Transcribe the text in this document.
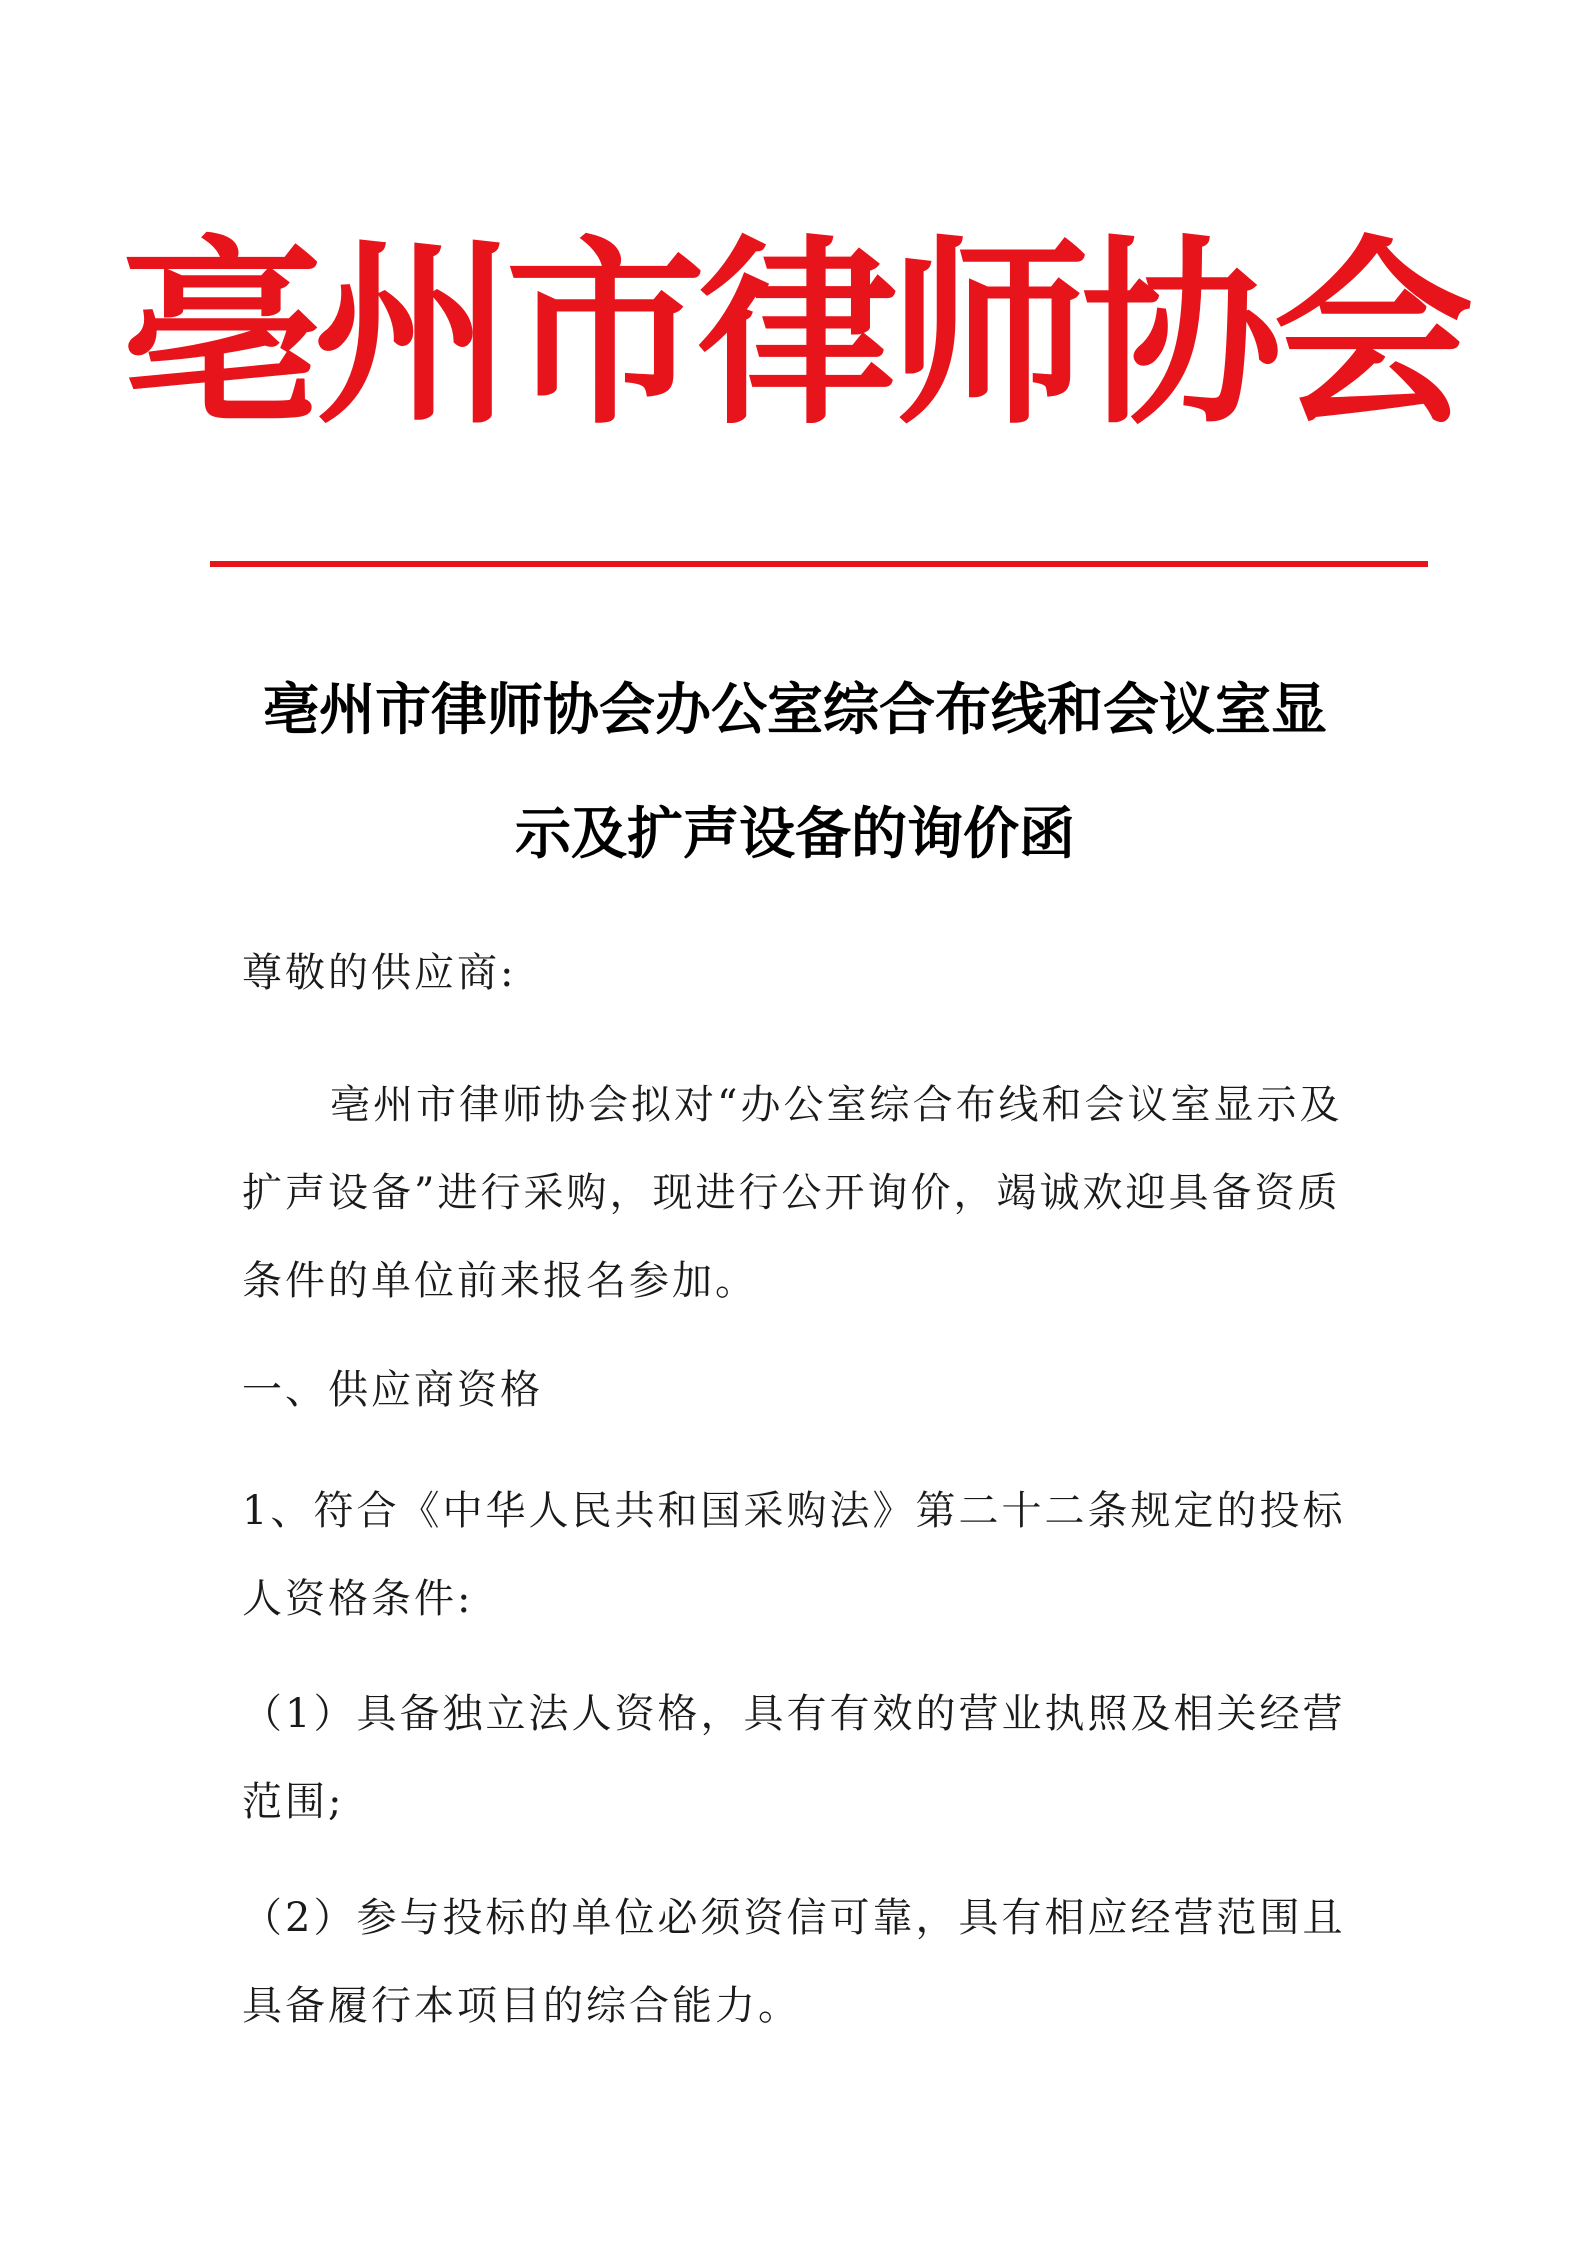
亳州市律师协会
亳州市律师协会办公室综合布线和会议室显示及扩声设备的询价函
尊敬的供应商:
亳州市律师协会拟对“办公室综合布线和会议室显示及扩声设备”进行采购，现进行公开询价，竭诚欢迎具备资质条件的单位前来报名参加。
一、供应商资格
1、符合《中华人民共和国采购法》第二十二条规定的投标人资格条件:
（1）具备独立法人资格，具有有效的营业执照及相关经营范围;
（2）参与投标的单位必须资信可靠，具有相应经营范围且具备履行本项目的综合能力。
